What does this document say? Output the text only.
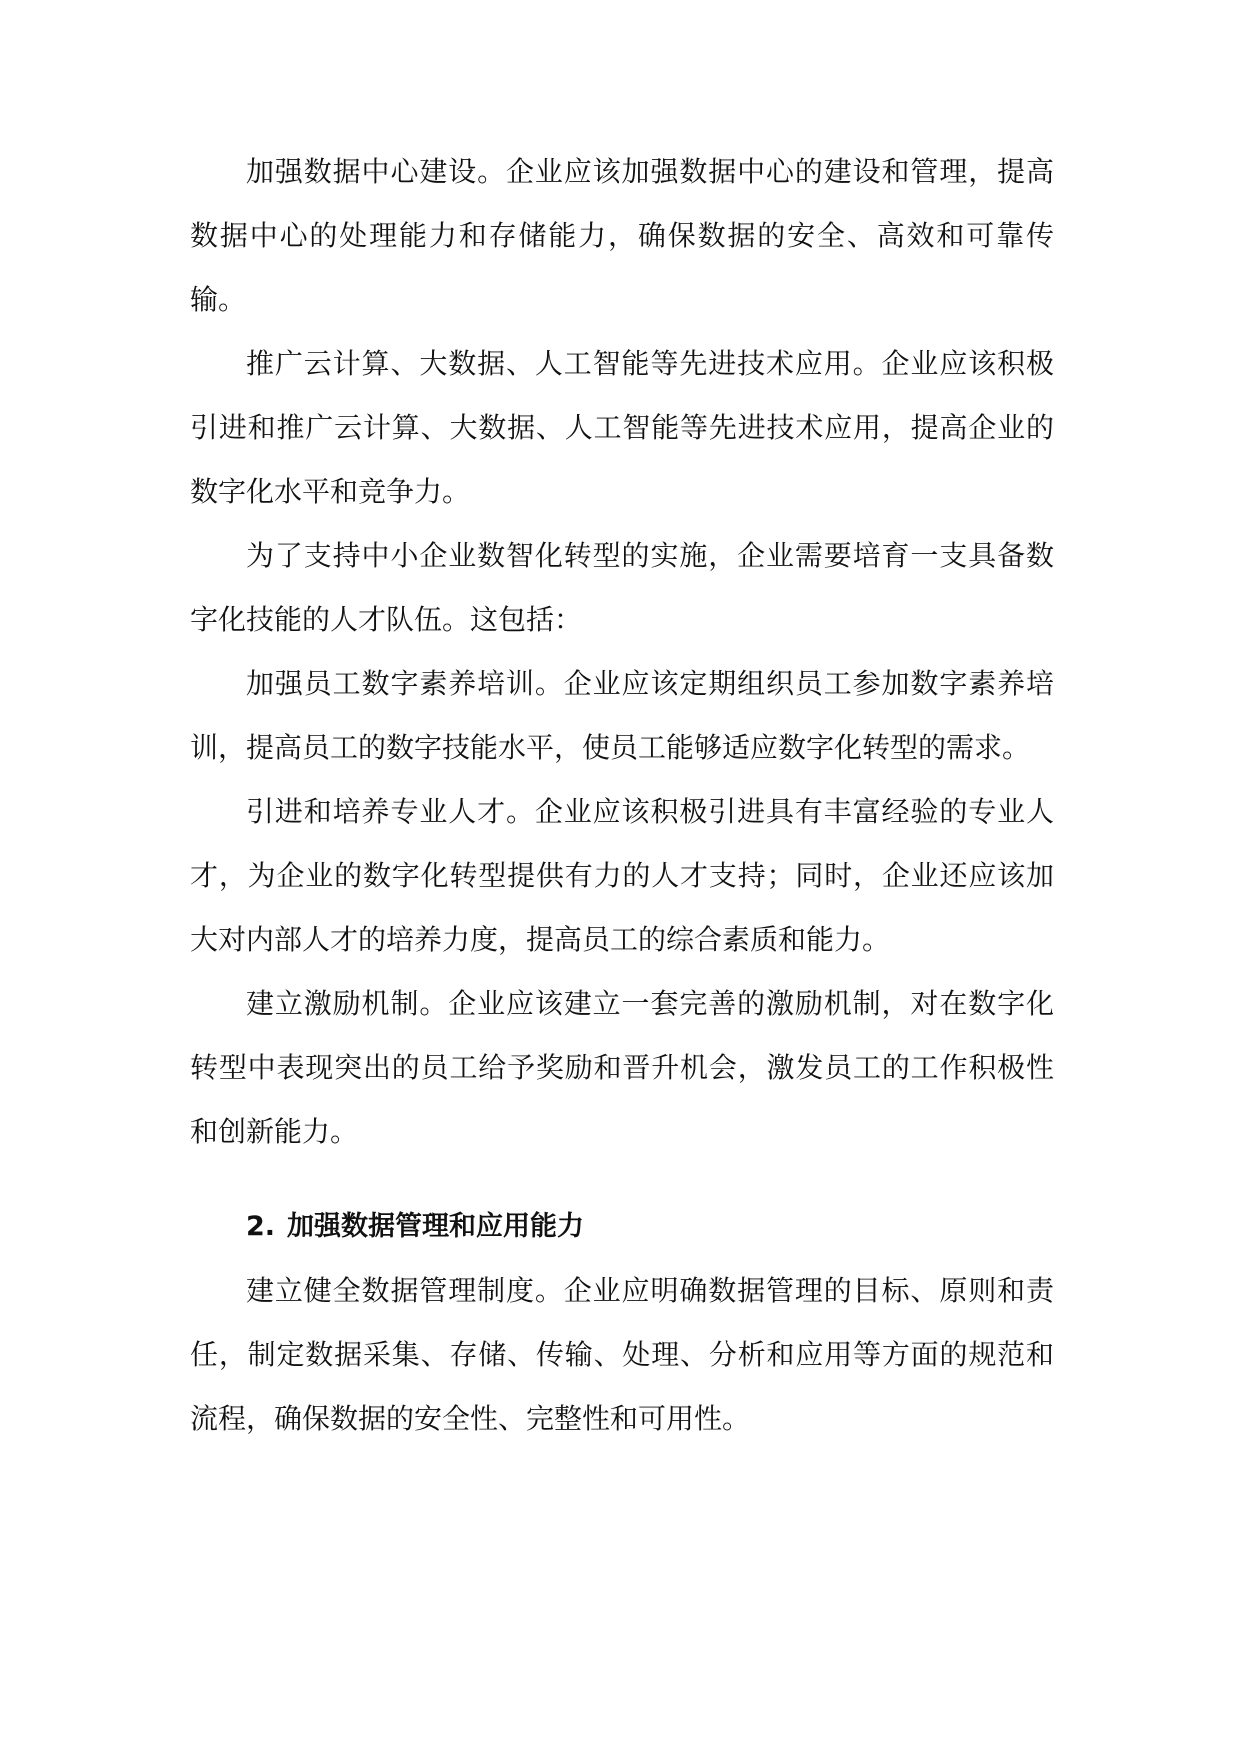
加强数据中心建设。企业应该加强数据中心的建设和管理，提高数据中心的处理能力和存储能力，确保数据的安全、高效和可靠传输。

推广云计算、大数据、人工智能等先进技术应用。企业应该积极引进和推广云计算、大数据、人工智能等先进技术应用，提高企业的数字化水平和竞争力。

为了支持中小企业数智化转型的实施，企业需要培育一支具备数字化技能的人才队伍。这包括：

加强员工数字素养培训。企业应该定期组织员工参加数字素养培训，提高员工的数字技能水平，使员工能够适应数字化转型的需求。

引进和培养专业人才。企业应该积极引进具有丰富经验的专业人才，为企业的数字化转型提供有力的人才支持；同时，企业还应该加大对内部人才的培养力度，提高员工的综合素质和能力。

建立激励机制。企业应该建立一套完善的激励机制，对在数字化转型中表现突出的员工给予奖励和晋升机会，激发员工的工作积极性和创新能力。

2. 加强数据管理和应用能力

建立健全数据管理制度。企业应明确数据管理的目标、原则和责任，制定数据采集、存储、传输、处理、分析和应用等方面的规范和流程，确保数据的安全性、完整性和可用性。
